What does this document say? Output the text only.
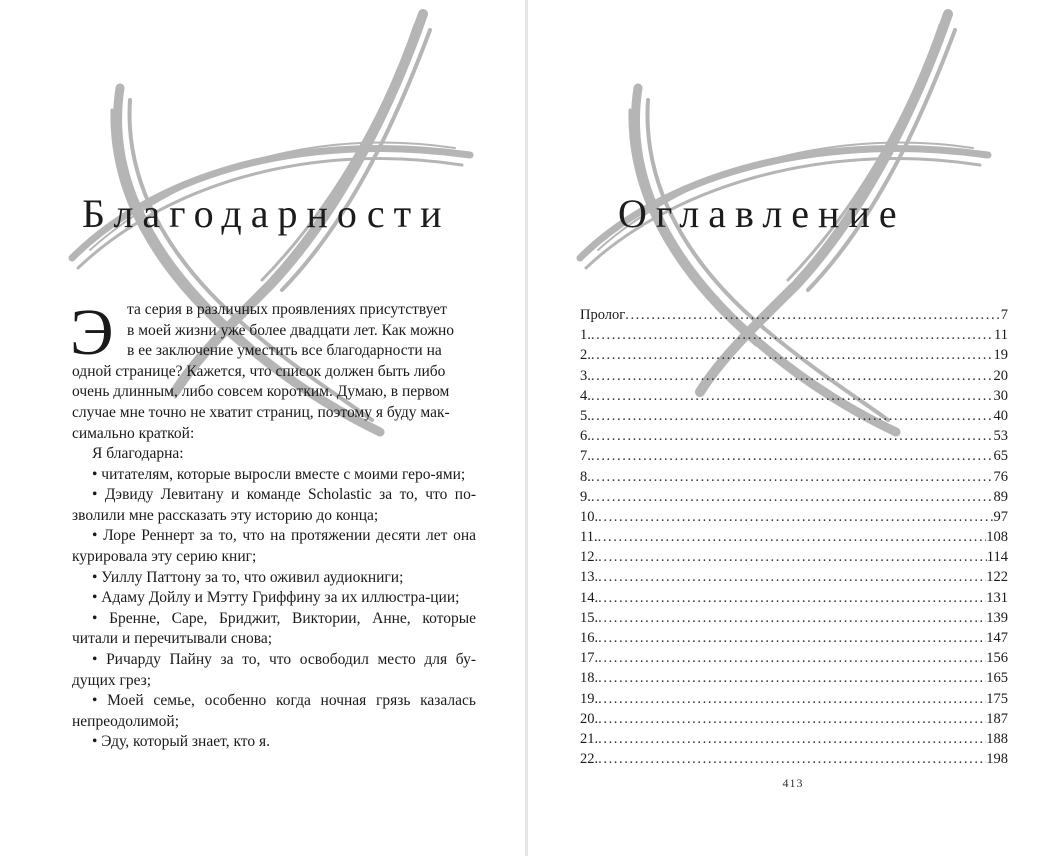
Благодарности
Э та серия в различных проявлениях присутствует
в моей жизни уже более двадцати лет. Как можно
в ее заключение уместить все благодарности на
одной странице? Кажется, что список должен быть либо
очень длинным, либо совсем коротким. Думаю, в первом
случае мне точно не хватит страниц, поэтому я буду мак-
симально краткой:

Я благодарна:

• читателям, которые выросли вместе с моими геро-ями;
• Дэвиду Левитану и команде Scholastic за то, что по-зволили мне рассказать эту историю до конца;
• Лоре Реннерт за то, что на протяжении десяти лет она курировала эту серию книг;
• Уиллу Паттону за то, что оживил аудиокниги;
• Адаму Дойлу и Мэтту Гриффину за их иллюстра-ции;
• Бренне, Саре, Бриджит, Виктории, Анне, которые читали и перечитывали снова;
• Ричарду Пайну за то, что освободил место для бу-дущих грез;
• Моей семье, особенно когда ночная грязь казалась непреодолимой;
• Эду, который знает, кто я.
Оглавление
Пролог .....	7
1. .....	11
2. .....	19
3. .....	20
4. .....	30
5. .....	40
6. .....	53
7. .....	65
8. .....	76
9. .....	89
10. .....	97
11. .....	108
12. .....	114
13. .....	122
14. .....	131
15. .....	139
16. .....	147
17. .....	156
18. .....	165
19. .....	175
20. .....	187
21. .....	188
22. .....	198
413
